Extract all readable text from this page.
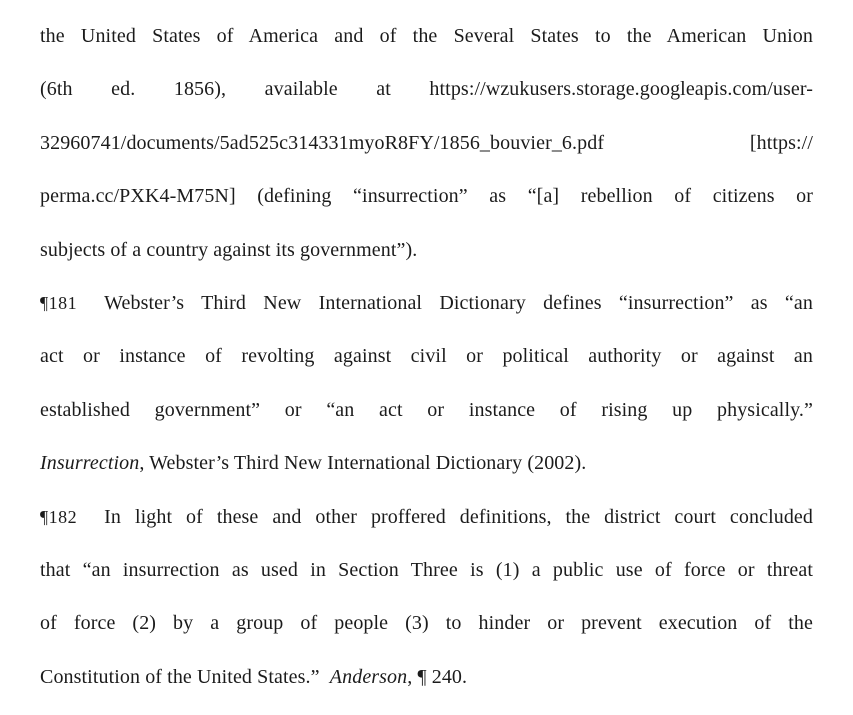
the United States of America and of the Several States to the American Union
(6th ed. 1856), available at https://wzukusers.storage.googleapis.com/user-
32960741/documents/5ad525c314331myoR8FY/1856_bouvier_6.pdf [https://
perma.cc/PXK4-M75N] (defining “insurrection” as “[a] rebellion of citizens or
subjects of a country against its government”).
¶181 Webster’s Third New International Dictionary defines “insurrection” as “an
act or instance of revolting against civil or political authority or against an
established government” or “an act or instance of rising up physically.”
Insurrection, Webster’s Third New International Dictionary (2002).
¶182 In light of these and other proffered definitions, the district court concluded
that “an insurrection as used in Section Three is (1) a public use of force or threat
of force (2) by a group of people (3) to hinder or prevent execution of the
Constitution of the United States.”  Anderson, ¶ 240.
